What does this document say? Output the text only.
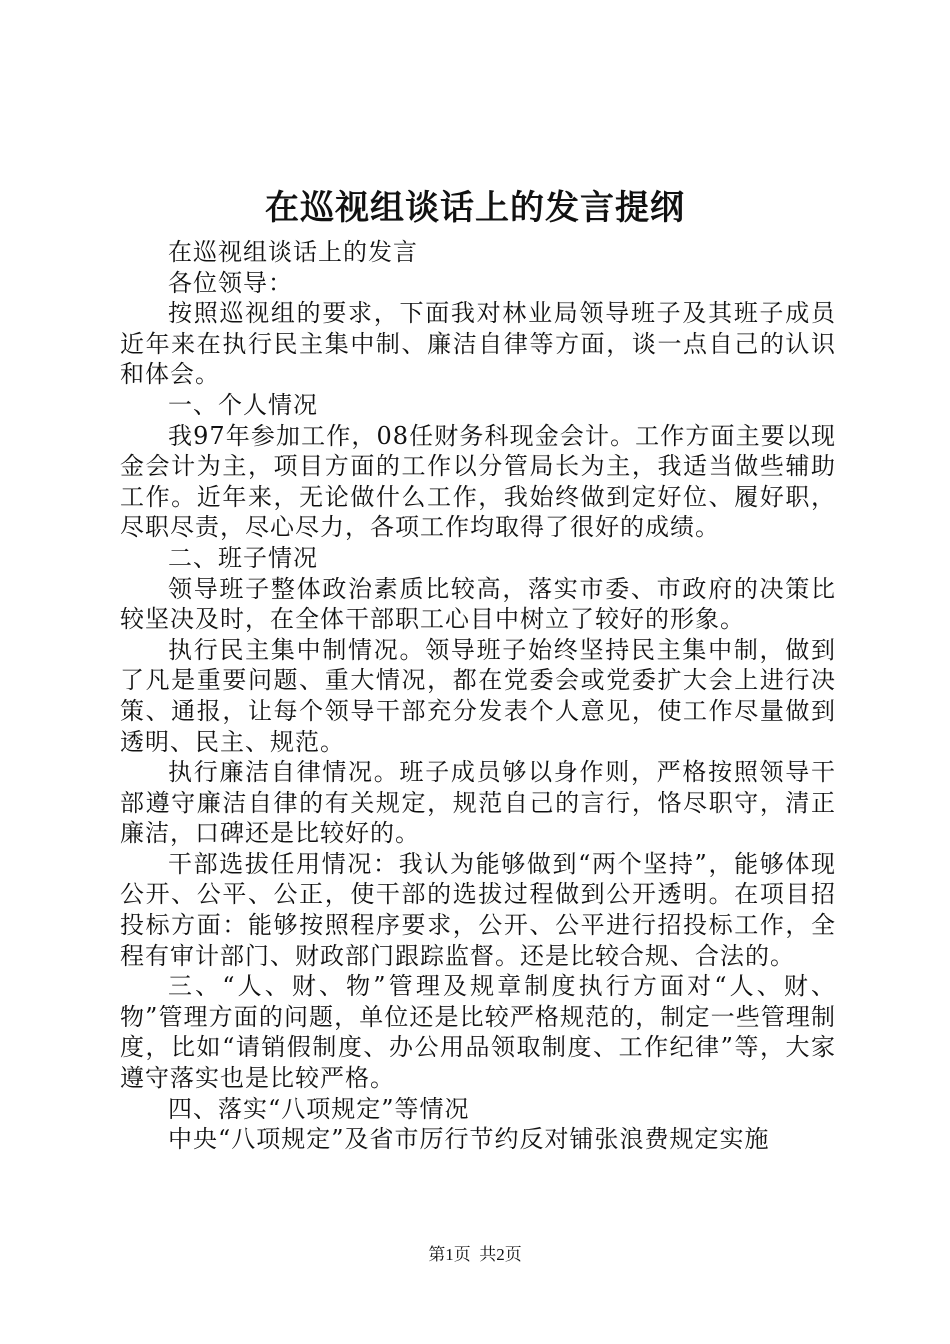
在巡视组谈话上的发言提纲

在巡视组谈话上的发言

各位领导：

按照巡视组的要求，下面我对林业局领导班子及其班子成员近年来在执行民主集中制、廉洁自律等方面，谈一点自己的认识和体会。

一、个人情况

我97年参加工作，08任财务科现金会计。工作方面主要以现金会计为主，项目方面的工作以分管局长为主，我适当做些辅助工作。近年来，无论做什么工作，我始终做到定好位、履好职，尽职尽责，尽心尽力，各项工作均取得了很好的成绩。

二、班子情况

领导班子整体政治素质比较高，落实市委、市政府的决策比较坚决及时，在全体干部职工心目中树立了较好的形象。

执行民主集中制情况。领导班子始终坚持民主集中制，做到了凡是重要问题、重大情况，都在党委会或党委扩大会上进行决策、通报，让每个领导干部充分发表个人意见，使工作尽量做到透明、民主、规范。

执行廉洁自律情况。班子成员够以身作则，严格按照领导干部遵守廉洁自律的有关规定，规范自己的言行，恪尽职守，清正廉洁，口碑还是比较好的。

干部选拔任用情况：我认为能够做到“两个坚持”，能够体现公开、公平、公正，使干部的选拔过程做到公开透明。在项目招投标方面：能够按照程序要求，公开、公平进行招投标工作，全程有审计部门、财政部门跟踪监督。还是比较合规、合法的。

三、“人、财、物”管理及规章制度执行方面对“人、财、物”管理方面的问题，单位还是比较严格规范的，制定一些管理制度，比如“请销假制度、办公用品领取制度、工作纪律”等，大家遵守落实也是比较严格。

四、落实“八项规定”等情况

中央“八项规定”及省市厉行节约反对铺张浪费规定实施

第1页  共2页
